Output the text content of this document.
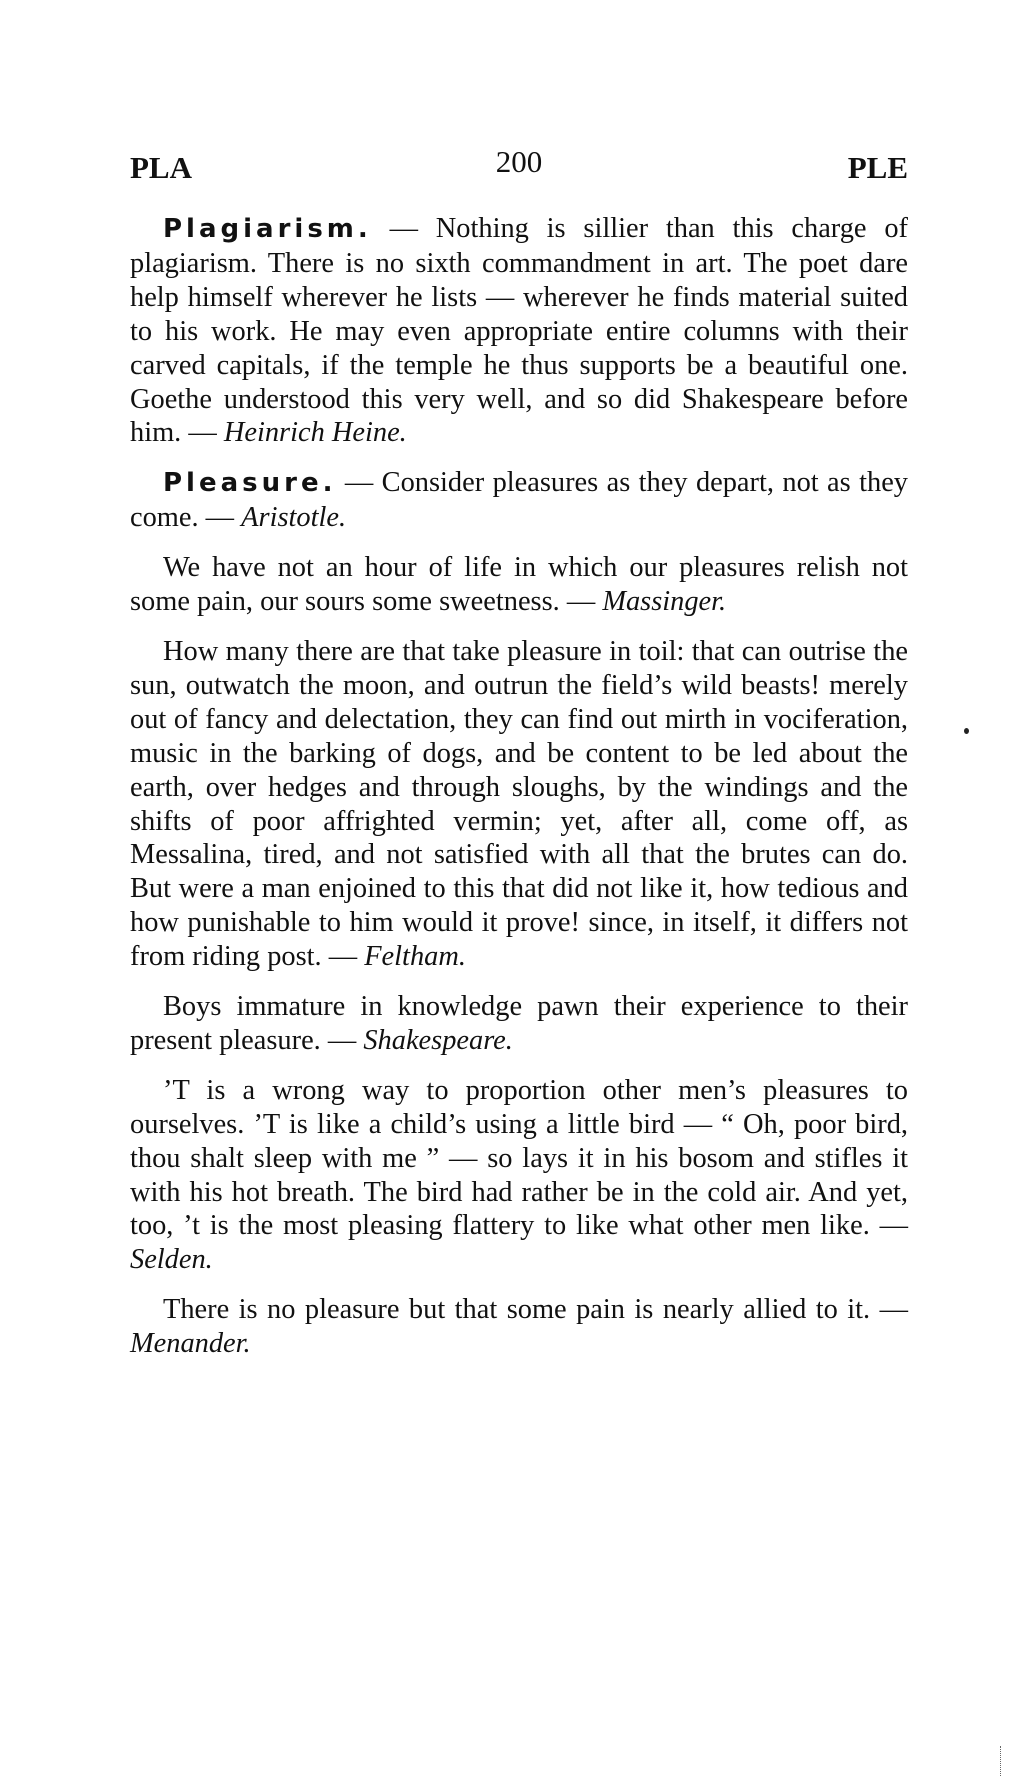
PLA	200	PLE

Plagiarism. — Nothing is sillier than this charge of plagiarism. There is no sixth commandment in art. The poet dare help himself wherever he lists — wherever he finds material suited to his work. He may even appropriate entire columns with their carved capitals, if the temple he thus supports be a beautiful one. Goethe understood this very well, and so did Shakespeare before him. — Heinrich Heine.

Pleasure. — Consider pleasures as they depart, not as they come. — Aristotle.

We have not an hour of life in which our pleasures relish not some pain, our sours some sweetness. — Massinger.

How many there are that take pleasure in toil: that can outrise the sun, outwatch the moon, and outrun the field’s wild beasts! merely out of fancy and delectation, they can find out mirth in vociferation, music in the barking of dogs, and be content to be led about the earth, over hedges and through sloughs, by the windings and the shifts of poor affrighted vermin; yet, after all, come off, as Messalina, tired, and not satisfied with all that the brutes can do. But were a man enjoined to this that did not like it, how tedious and how punishable to him would it prove! since, in itself, it differs not from riding post. — Feltham.

Boys immature in knowledge pawn their experience to their present pleasure. — Shakespeare.

’T is a wrong way to proportion other men’s pleasures to ourselves. ’T is like a child’s using a little bird — “ Oh, poor bird, thou shalt sleep with me ” — so lays it in his bosom and stifles it with his hot breath. The bird had rather be in the cold air. And yet, too, ’t is the most pleasing flattery to like what other men like. — Selden.

There is no pleasure but that some pain is nearly allied to it. — Menander.
